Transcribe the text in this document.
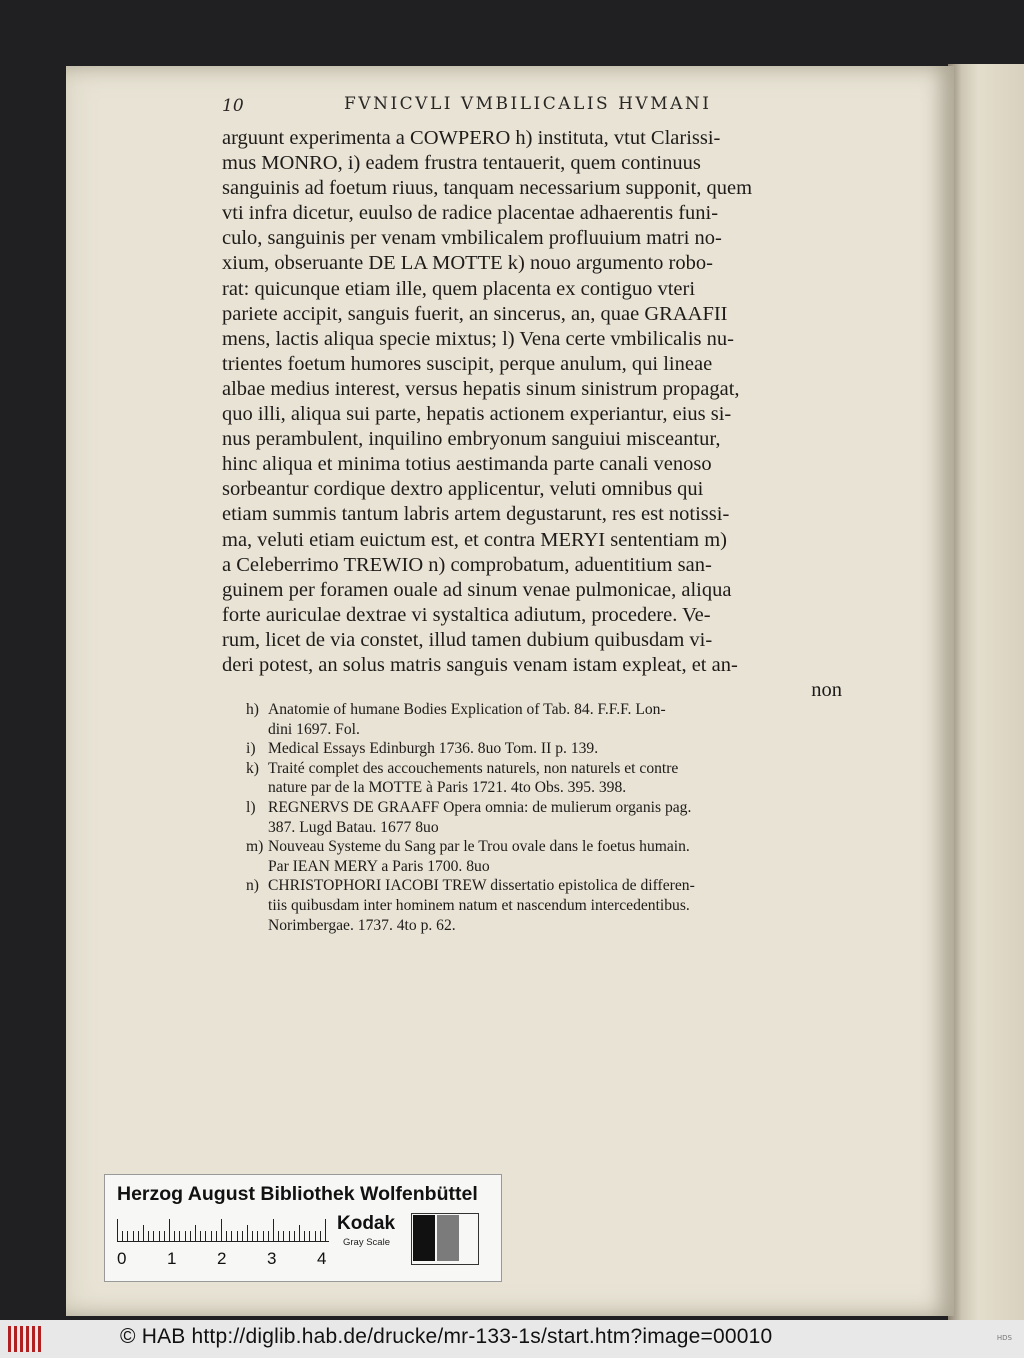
10	FVNICVLI VMBILICALIS HVMANI
arguunt experimenta a COWPERO h) instituta, vtut Clarissi-
mus MONRO, i) eadem frustra tentauerit, quem continuus
sanguinis ad foetum riuus, tanquam necessarium supponit, quem
vti infra dicetur, euulso de radice placentae adhaerentis funi-
culo, sanguinis per venam vmbilicalem profluuium matri no-
xium, obseruante DE LA MOTTE k) nouo argumento robo-
rat: quicunque etiam ille, quem placenta ex contiguo vteri
pariete accipit, sanguis fuerit, an sincerus, an, quae GRAAFII
mens, lactis aliqua specie mixtus; l) Vena certe vmbilicalis nu-
trientes foetum humores suscipit, perque anulum, qui lineae
albae medius interest, versus hepatis sinum sinistrum propagat,
quo illi, aliqua sui parte, hepatis actionem experiantur, eius si-
nus perambulent, inquilino embryonum sanguiui misceantur,
hinc aliqua et minima totius aestimanda parte canali venoso
sorbeantur cordique dextro applicentur, veluti omnibus qui
etiam summis tantum labris artem degustarunt, res est notissi-
ma, veluti etiam euictum est, et contra MERYI sententiam m)
a Celeberrimo TREWIO n) comprobatum, aduentitium san-
guinem per foramen ouale ad sinum venae pulmonicae, aliqua
forte auriculae dextrae vi systaltica adiutum, procedere. Ve-
rum, licet de via constet, illud tamen dubium quibusdam vi-
deri potest, an solus matris sanguis venam istam expleat, et an-
non
h) Anatomie of humane Bodies Explication of Tab. 84. F.F.F. Lon-
dini 1697. Fol.
i) Medical Essays Edinburgh 1736. 8uo Tom. II p. 139.
k) Traité complet des accouchements naturels, non naturels et contre
nature par de la MOTTE à Paris 1721. 4to Obs. 395. 398.
l) REGNERVS DE GRAAFF Opera omnia: de mulierum organis pag.
387. Lugd Batau. 1677 8uo
m) Nouveau Systeme du Sang par le Trou ovale dans le foetus humain.
Par IEAN MERY a Paris 1700. 8uo
n) CHRISTOPHORI IACOBI TREW dissertatio epistolica de differen-
tiis quibusdam inter hominem natum et nascendum intercedentibus.
Norimbergae. 1737. 4to p. 62.
Herzog August Bibliothek Wolfenbüttel
0 1 2 3 4
Kodak
Gray Scale
© HAB http://diglib.hab.de/drucke/mr-133-1s/start.htm?image=00010	HDS
